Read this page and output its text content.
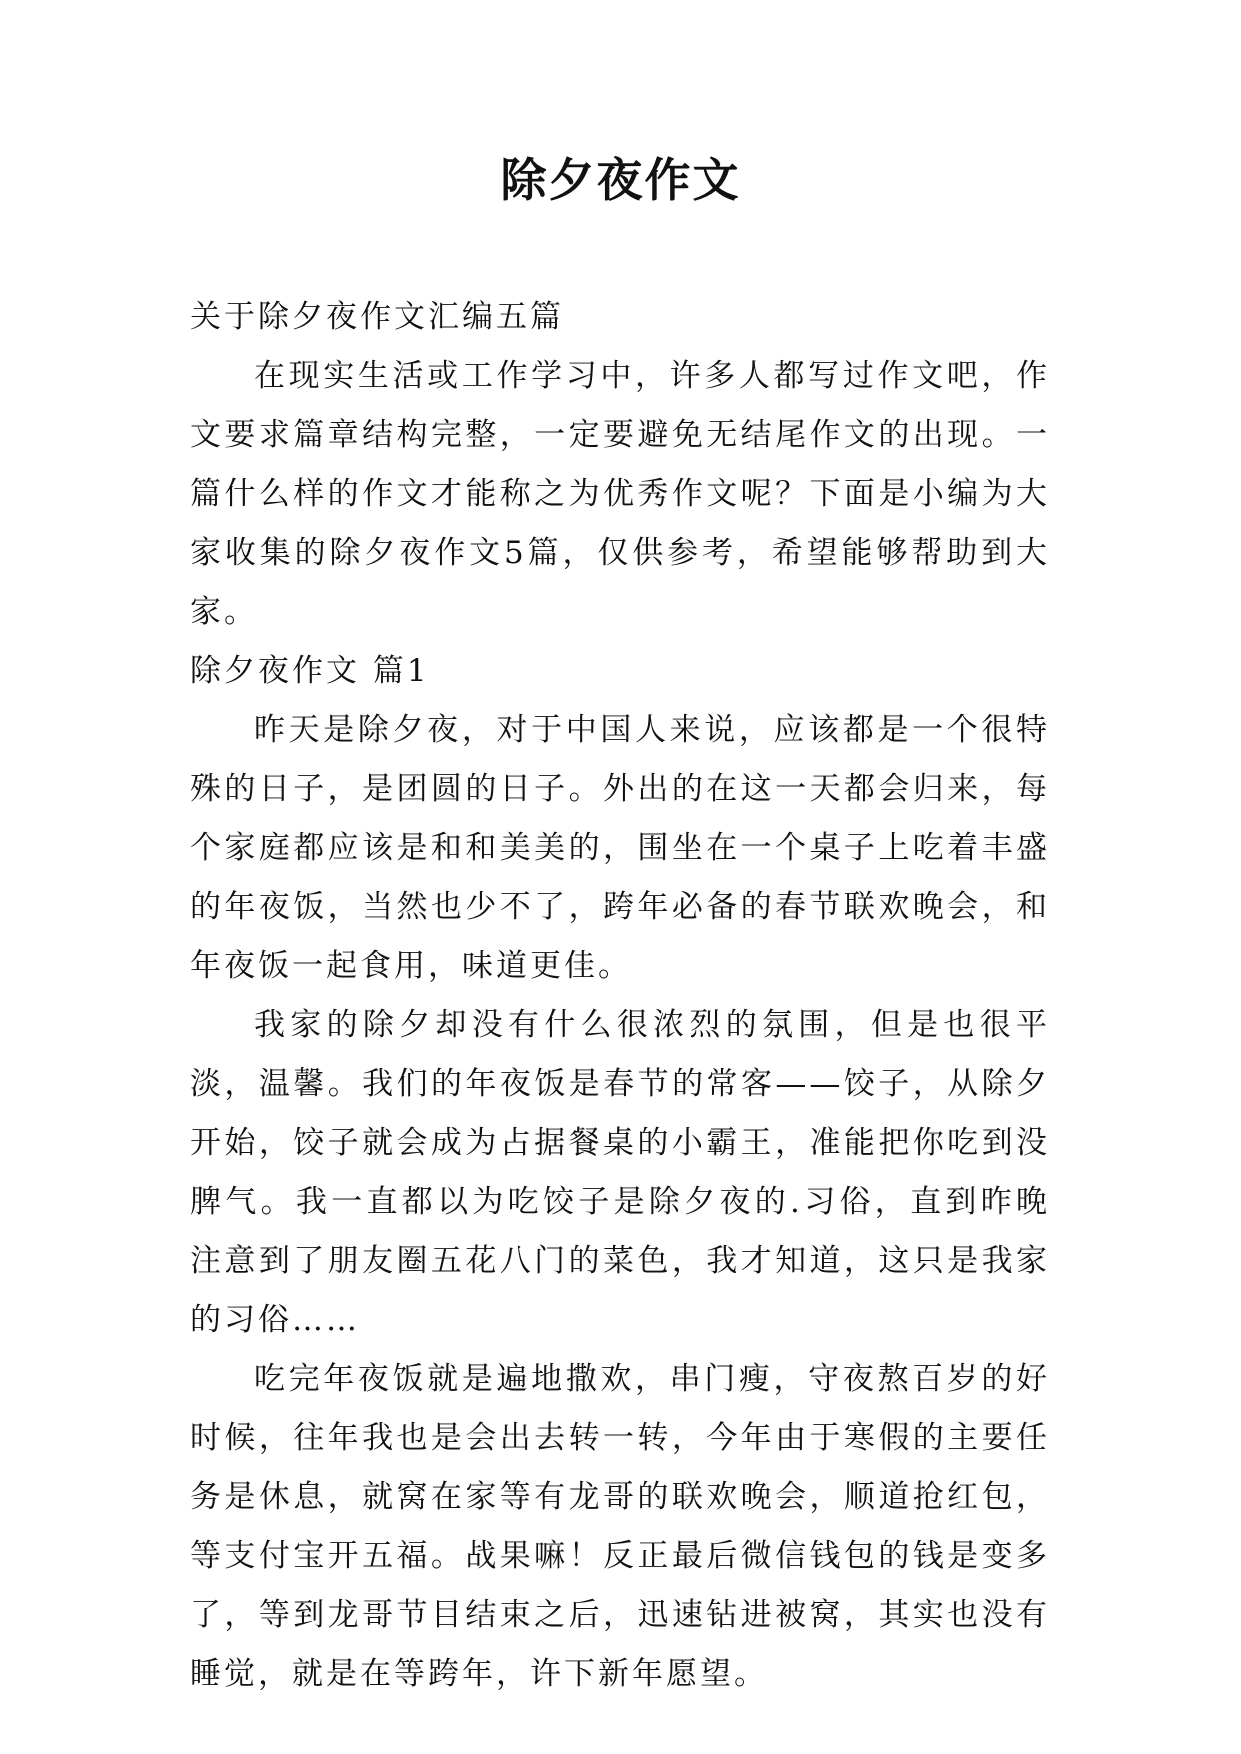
除夕夜作文

关于除夕夜作文汇编五篇

在现实生活或工作学习中，许多人都写过作文吧，作文要求篇章结构完整，一定要避免无结尾作文的出现。一篇什么样的作文才能称之为优秀作文呢？下面是小编为大家收集的除夕夜作文5篇，仅供参考，希望能够帮助到大家。

除夕夜作文 篇1

昨天是除夕夜，对于中国人来说，应该都是一个很特殊的日子，是团圆的日子。外出的在这一天都会归来，每个家庭都应该是和和美美的，围坐在一个桌子上吃着丰盛的年夜饭，当然也少不了，跨年必备的春节联欢晚会，和年夜饭一起食用，味道更佳。

我家的除夕却没有什么很浓烈的氛围，但是也很平淡，温馨。我们的年夜饭是春节的常客——饺子，从除夕开始，饺子就会成为占据餐桌的小霸王，准能把你吃到没脾气。我一直都以为吃饺子是除夕夜的.习俗，直到昨晚注意到了朋友圈五花八门的菜色，我才知道，这只是我家的习俗……

吃完年夜饭就是遍地撒欢，串门瘦，守夜熬百岁的好时候，往年我也是会出去转一转，今年由于寒假的主要任务是休息，就窝在家等有龙哥的联欢晚会，顺道抢红包，等支付宝开五福。战果嘛！反正最后微信钱包的钱是变多了，等到龙哥节目结束之后，迅速钻进被窝，其实也没有睡觉，就是在等跨年，许下新年愿望。
